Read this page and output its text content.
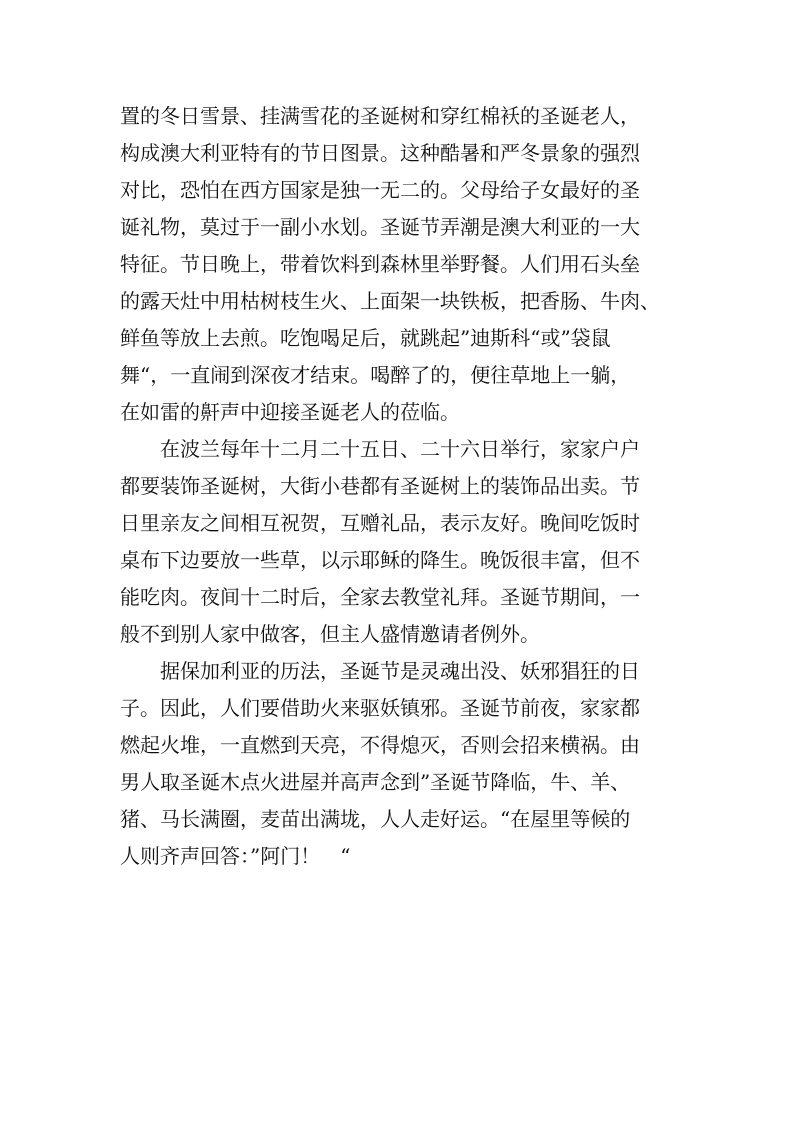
置的冬日雪景、挂满雪花的圣诞树和穿红棉袄的圣诞老人，
构成澳大利亚特有的节日图景。这种酷暑和严冬景象的强烈
对比，恐怕在西方国家是独一无二的。父母给子女最好的圣
诞礼物，莫过于一副小水划。圣诞节弄潮是澳大利亚的一大
特征。节日晚上，带着饮料到森林里举野餐。人们用石头垒
的露天灶中用枯树枝生火、上面架一块铁板，把香肠、牛肉、
鲜鱼等放上去煎。吃饱喝足后，就跳起”迪斯科“或”袋鼠
舞“，一直闹到深夜才结束。喝醉了的，便往草地上一躺，
在如雷的鼾声中迎接圣诞老人的莅临。
在波兰每年十二月二十五日、二十六日举行，家家户户
都要装饰圣诞树，大街小巷都有圣诞树上的装饰品出卖。节
日里亲友之间相互祝贺，互赠礼品，表示友好。晚间吃饭时
桌布下边要放一些草，以示耶稣的降生。晚饭很丰富，但不
能吃肉。夜间十二时后，全家去教堂礼拜。圣诞节期间，一
般不到别人家中做客，但主人盛情邀请者例外。
据保加利亚的历法，圣诞节是灵魂出没、妖邪猖狂的日
子。因此，人们要借助火来驱妖镇邪。圣诞节前夜，家家都
燃起火堆，一直燃到天亮，不得熄灭，否则会招来横祸。由
男人取圣诞木点火进屋并高声念到”圣诞节降临，牛、羊、
猪、马长满圈，麦苗出满垅，人人走好运。“在屋里等候的
人则齐声回答：”阿门！　“
